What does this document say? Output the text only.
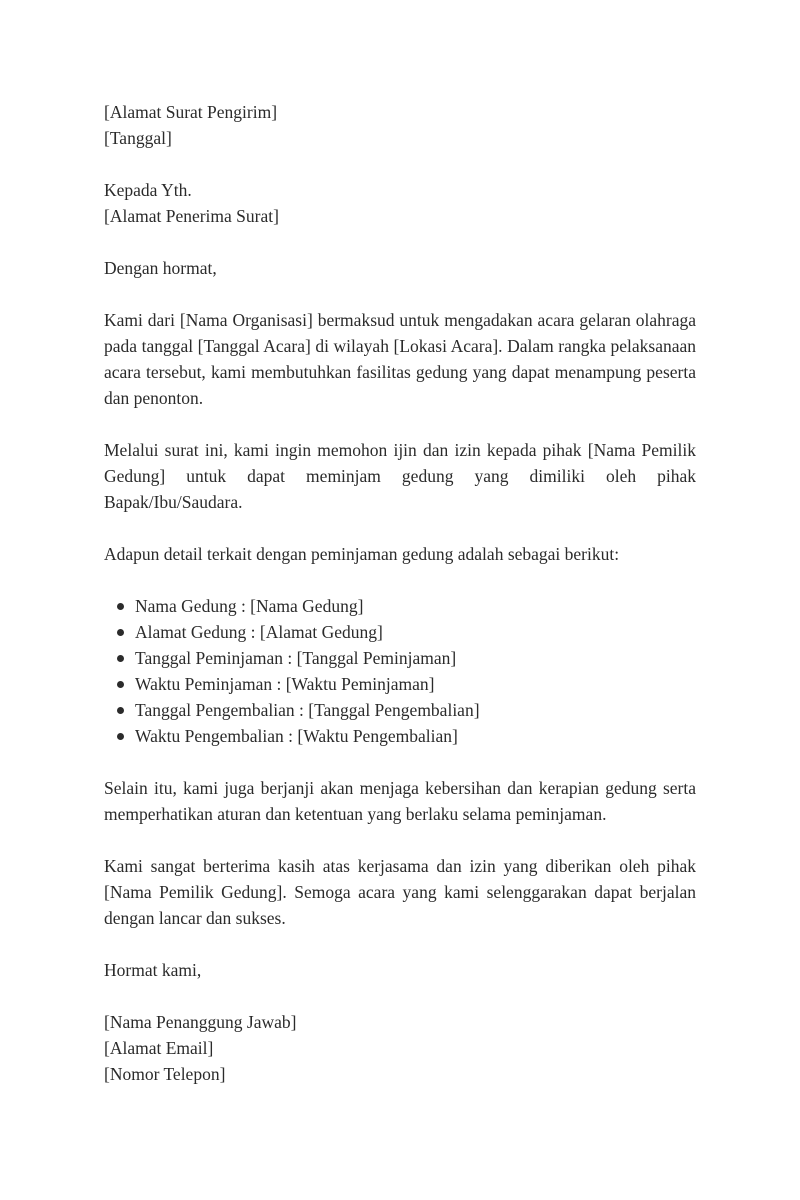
[Alamat Surat Pengirim]
[Tanggal]
Kepada Yth.
[Alamat Penerima Surat]
Dengan hormat,

Kami dari [Nama Organisasi] bermaksud untuk mengadakan acara gelaran olahraga pada tanggal [Tanggal Acara] di wilayah [Lokasi Acara]. Dalam rangka pelaksanaan acara tersebut, kami membutuhkan fasilitas gedung yang dapat menampung peserta dan penonton.

Melalui surat ini, kami ingin memohon ijin dan izin kepada pihak [Nama Pemilik Gedung] untuk dapat meminjam gedung yang dimiliki oleh pihak Bapak/Ibu/Saudara.

Adapun detail terkait dengan peminjaman gedung adalah sebagai berikut:

Nama Gedung : [Nama Gedung]
Alamat Gedung : [Alamat Gedung]
Tanggal Peminjaman : [Tanggal Peminjaman]
Waktu Peminjaman : [Waktu Peminjaman]
Tanggal Pengembalian : [Tanggal Pengembalian]
Waktu Pengembalian : [Waktu Pengembalian]

Selain itu, kami juga berjanji akan menjaga kebersihan dan kerapian gedung serta memperhatikan aturan dan ketentuan yang berlaku selama peminjaman.

Kami sangat berterima kasih atas kerjasama dan izin yang diberikan oleh pihak [Nama Pemilik Gedung]. Semoga acara yang kami selenggarakan dapat berjalan dengan lancar dan sukses.

Hormat kami,
[Nama Penanggung Jawab]
[Alamat Email]
[Nomor Telepon]
